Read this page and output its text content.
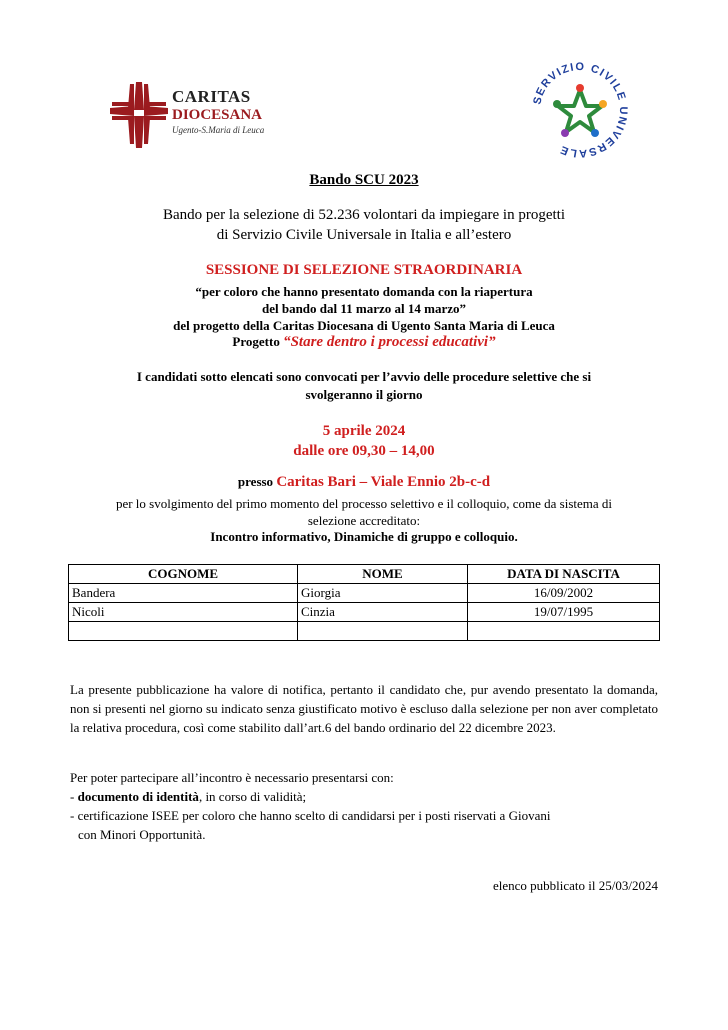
CARITAS
DIOCESANA
Ugento-S.Maria di Leuca
SERVIZIO CIVILE UNIVERSALE
Bando SCU 2023
Bando per la selezione di 52.236 volontari da impiegare in progetti
di Servizio Civile Universale in Italia e all’estero
SESSIONE DI SELEZIONE STRAORDINARIA
“per coloro che hanno presentato domanda con la riapertura
del bando dal 11 marzo al 14 marzo”
del progetto della Caritas Diocesana di Ugento Santa Maria di Leuca
Progetto “Stare dentro i processi educativi”
I candidati sotto elencati sono convocati per l’avvio delle procedure selettive che si
svolgeranno il giorno
5 aprile 2024
dalle ore 09,30 – 14,00
presso Caritas Bari – Viale Ennio 2b-c-d
per lo svolgimento del primo momento del processo selettivo e il colloquio, come da sistema di
selezione accreditato:
Incontro informativo, Dinamiche di gruppo e colloquio.
COGNOME	NOME	DATA DI NASCITA
Bandera	Giorgia	16/09/2002
Nicoli	Cinzia	19/07/1995

La presente pubblicazione ha valore di notifica, pertanto il candidato che, pur avendo presentato la domanda, non si presenti nel giorno su indicato senza giustificato motivo è escluso dalla selezione per non aver completato la relativa procedura, così come stabilito dall’art.6 del bando ordinario del 22 dicembre 2023.
Per poter partecipare all’incontro è necessario presentarsi con:
- documento di identità, in corso di validità;
- certificazione ISEE per coloro che hanno scelto di candidarsi per i posti riservati a Giovani
con Minori Opportunità.
elenco pubblicato il 25/03/2024
